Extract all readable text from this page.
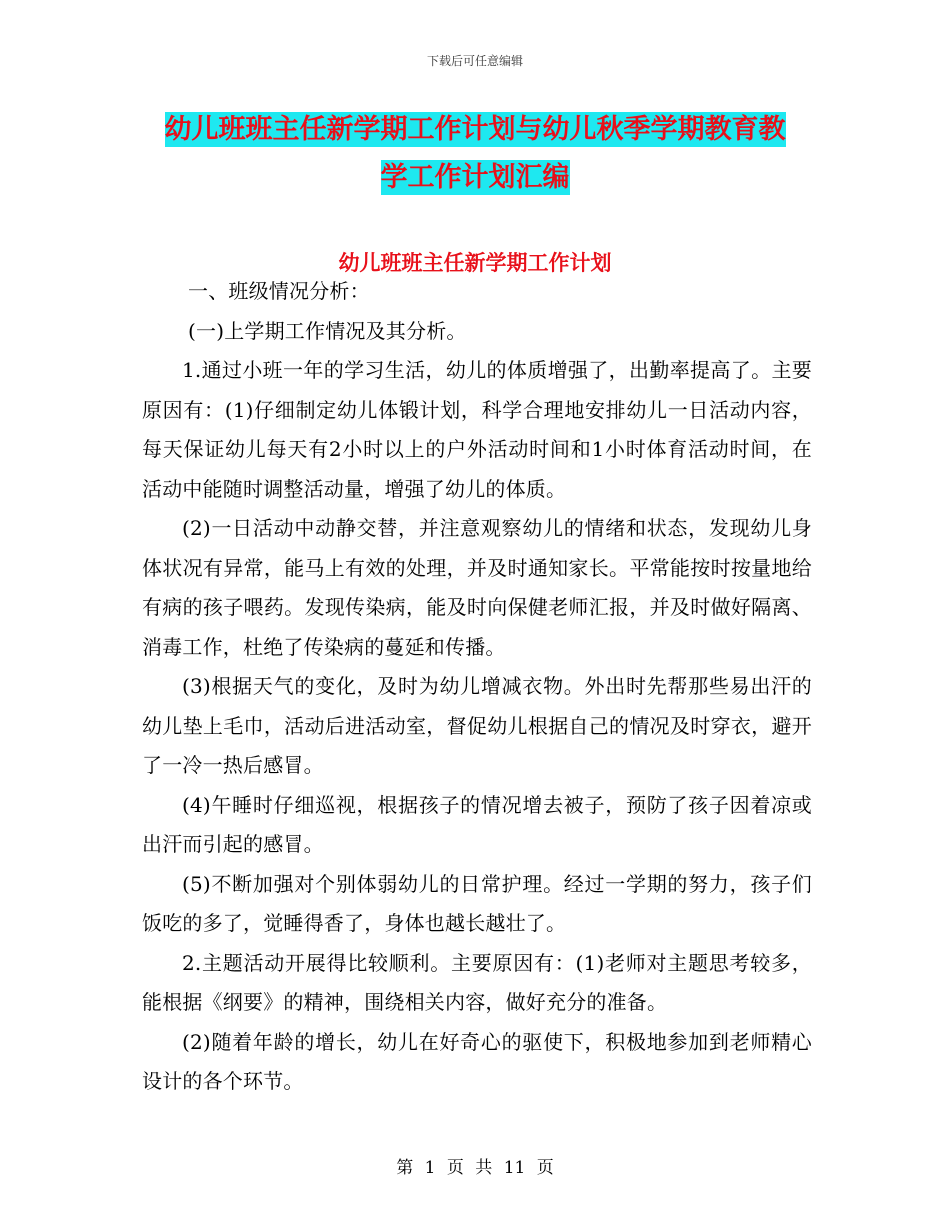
下载后可任意编辑
幼儿班班主任新学期工作计划与幼儿秋季学期教育教
学工作计划汇编
幼儿班班主任新学期工作计划

一、班级情况分析：

(一)上学期工作情况及其分析。

1.通过小班一年的学习生活，幼儿的体质增强了，出勤率提高了。主要原因有：(1)仔细制定幼儿体锻计划，科学合理地安排幼儿一日活动内容，每天保证幼儿每天有2小时以上的户外活动时间和1小时体育活动时间，在活动中能随时调整活动量，增强了幼儿的体质。

(2)一日活动中动静交替，并注意观察幼儿的情绪和状态，发现幼儿身体状况有异常，能马上有效的处理，并及时通知家长。平常能按时按量地给有病的孩子喂药。发现传染病，能及时向保健老师汇报，并及时做好隔离、消毒工作，杜绝了传染病的蔓延和传播。

(3)根据天气的变化，及时为幼儿增减衣物。外出时先帮那些易出汗的幼儿垫上毛巾，活动后进活动室，督促幼儿根据自己的情况及时穿衣，避开了一冷一热后感冒。

(4)午睡时仔细巡视，根据孩子的情况增去被子，预防了孩子因着凉或出汗而引起的感冒。

(5)不断加强对个别体弱幼儿的日常护理。经过一学期的努力，孩子们饭吃的多了，觉睡得香了，身体也越长越壮了。

2.主题活动开展得比较顺利。主要原因有：(1)老师对主题思考较多，能根据《纲要》的精神，围绕相关内容，做好充分的准备。

(2)随着年龄的增长，幼儿在好奇心的驱使下，积极地参加到老师精心设计的各个环节。

第 1 页 共 11 页
